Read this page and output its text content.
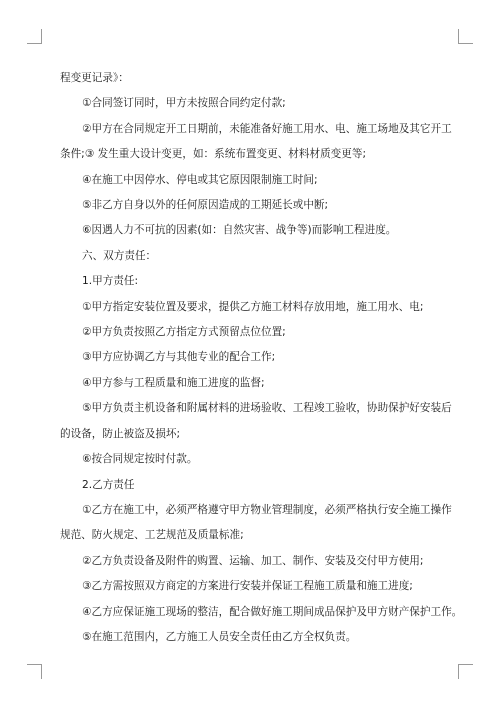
程变更记录》：

①合同签订同时，甲方未按照合同约定付款;

②甲方在合同规定开工日期前，未能准备好施工用水、电、施工场地及其它开工

条件;③ 发生重大设计变更，如：系统布置变更、材料材质变更等;

④在施工中因停水、停电或其它原因限制施工时间;

⑤非乙方自身以外的任何原因造成的工期延长或中断;

⑥因遇人力不可抗的因素(如：自然灾害、战争等)而影响工程进度。

六、双方责任：

1.甲方责任:

①甲方指定安装位置及要求，提供乙方施工材料存放用地，施工用水、电;

②甲方负责按照乙方指定方式预留点位位置;

③甲方应协调乙方与其他专业的配合工作;

④甲方参与工程质量和施工进度的监督;

⑤甲方负责主机设备和附属材料的进场验收、工程竣工验收，协助保护好安装后

的设备，防止被盗及损坏;

⑥按合同规定按时付款。

2.乙方责任

①乙方在施工中，必须严格遵守甲方物业管理制度，必须严格执行安全施工操作

规范、防火规定、工艺规范及质量标准;

②乙方负责设备及附件的购置、运输、加工、制作、安装及交付甲方使用;

③乙方需按照双方商定的方案进行安装并保证工程施工质量和施工进度;

④乙方应保证施工现场的整洁，配合做好施工期间成品保护及甲方财产保护工作。

⑤在施工范围内，乙方施工人员安全责任由乙方全权负责。
